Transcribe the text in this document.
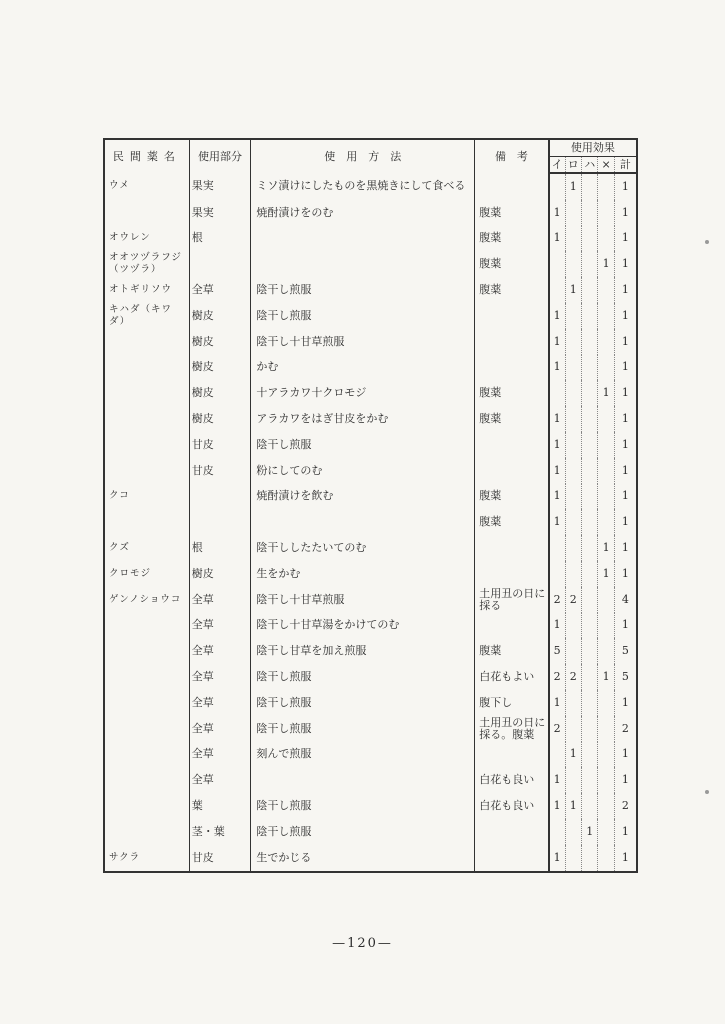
民間薬名	使用部分	使　用　方　法	備　考	使用効果				
				イ	ロ	ハ	×	計
ウメ	果実	ミソ漬けにしたものを黒焼きにして食べる			1			1
	果実	焼酎漬けをのむ	腹薬	1				1
オウレン	根		腹薬	1				1
オオツヅラフジ（ツヅラ）			腹薬				1	1
オトギリソウ	全草	陰干し煎服	腹薬		1			1
キハダ（キワダ）	樹皮	陰干し煎服		1				1
	樹皮	陰干し十甘草煎服		1				1
	樹皮	かむ		1				1
	樹皮	十アラカワ十クロモジ	腹薬				1	1
	樹皮	アラカワをはぎ甘皮をかむ	腹薬	1				1
	甘皮	陰干し煎服		1				1
	甘皮	粉にしてのむ		1				1
クコ		焼酎漬けを飲む	腹薬	1				1
			腹薬	1				1
クズ	根	陰干ししたたいてのむ					1	1
クロモジ	樹皮	生をかむ					1	1
ゲンノショウコ	全草	陰干し十甘草煎服	土用丑の日に採る	2	2			4
	全草	陰干し十甘草湯をかけてのむ		1				1
	全草	陰干し甘草を加え煎服	腹薬	5				5
	全草	陰干し煎服	白花もよい	2	2		1	5
	全草	陰干し煎服	腹下し	1				1
	全草	陰干し煎服	土用丑の日に採る。腹薬	2				2
	全草	刻んで煎服			1			1
	全草		白花も良い	1				1
	葉	陰干し煎服	白花も良い	1	1			2
	茎・葉	陰干し煎服				1		1
サクラ	甘皮	生でかじる		1				1
—120—
